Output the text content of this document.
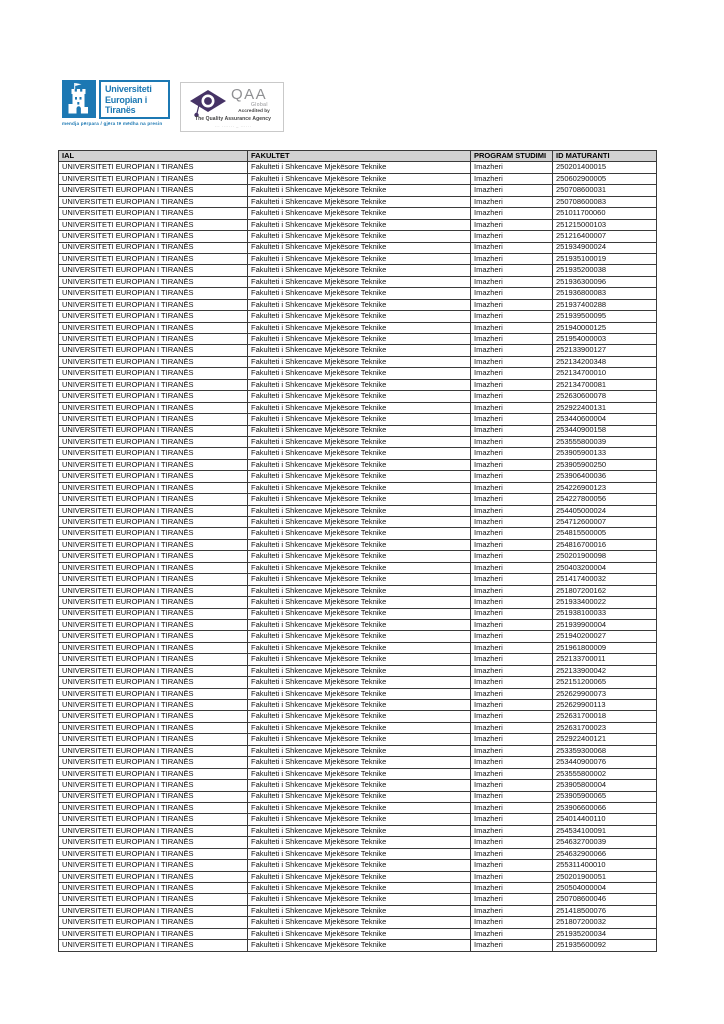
Universiteti
Europian i
Tiranës
mendja përpara / gjëra të mëdha na presin
QAA
Global
Accredited by
The Quality Assurance Agency
··· ······· – ······
IAL	FAKULTET	PROGRAM STUDIMI	ID MATURANTI
UNIVERSITETI EUROPIAN I TIRANËS	Fakulteti i Shkencave Mjekësore Teknike	Imazheri	250201400015
UNIVERSITETI EUROPIAN I TIRANËS	Fakulteti i Shkencave Mjekësore Teknike	Imazheri	250602900005
UNIVERSITETI EUROPIAN I TIRANËS	Fakulteti i Shkencave Mjekësore Teknike	Imazheri	250708600031
UNIVERSITETI EUROPIAN I TIRANËS	Fakulteti i Shkencave Mjekësore Teknike	Imazheri	250708600083
UNIVERSITETI EUROPIAN I TIRANËS	Fakulteti i Shkencave Mjekësore Teknike	Imazheri	251011700060
UNIVERSITETI EUROPIAN I TIRANËS	Fakulteti i Shkencave Mjekësore Teknike	Imazheri	251215000103
UNIVERSITETI EUROPIAN I TIRANËS	Fakulteti i Shkencave Mjekësore Teknike	Imazheri	251216400007
UNIVERSITETI EUROPIAN I TIRANËS	Fakulteti i Shkencave Mjekësore Teknike	Imazheri	251934900024
UNIVERSITETI EUROPIAN I TIRANËS	Fakulteti i Shkencave Mjekësore Teknike	Imazheri	251935100019
UNIVERSITETI EUROPIAN I TIRANËS	Fakulteti i Shkencave Mjekësore Teknike	Imazheri	251935200038
UNIVERSITETI EUROPIAN I TIRANËS	Fakulteti i Shkencave Mjekësore Teknike	Imazheri	251936300096
UNIVERSITETI EUROPIAN I TIRANËS	Fakulteti i Shkencave Mjekësore Teknike	Imazheri	251936800083
UNIVERSITETI EUROPIAN I TIRANËS	Fakulteti i Shkencave Mjekësore Teknike	Imazheri	251937400288
UNIVERSITETI EUROPIAN I TIRANËS	Fakulteti i Shkencave Mjekësore Teknike	Imazheri	251939500095
UNIVERSITETI EUROPIAN I TIRANËS	Fakulteti i Shkencave Mjekësore Teknike	Imazheri	251940000125
UNIVERSITETI EUROPIAN I TIRANËS	Fakulteti i Shkencave Mjekësore Teknike	Imazheri	251954000003
UNIVERSITETI EUROPIAN I TIRANËS	Fakulteti i Shkencave Mjekësore Teknike	Imazheri	252133900127
UNIVERSITETI EUROPIAN I TIRANËS	Fakulteti i Shkencave Mjekësore Teknike	Imazheri	252134200348
UNIVERSITETI EUROPIAN I TIRANËS	Fakulteti i Shkencave Mjekësore Teknike	Imazheri	252134700010
UNIVERSITETI EUROPIAN I TIRANËS	Fakulteti i Shkencave Mjekësore Teknike	Imazheri	252134700081
UNIVERSITETI EUROPIAN I TIRANËS	Fakulteti i Shkencave Mjekësore Teknike	Imazheri	252630600078
UNIVERSITETI EUROPIAN I TIRANËS	Fakulteti i Shkencave Mjekësore Teknike	Imazheri	252922400131
UNIVERSITETI EUROPIAN I TIRANËS	Fakulteti i Shkencave Mjekësore Teknike	Imazheri	253440600004
UNIVERSITETI EUROPIAN I TIRANËS	Fakulteti i Shkencave Mjekësore Teknike	Imazheri	253440900158
UNIVERSITETI EUROPIAN I TIRANËS	Fakulteti i Shkencave Mjekësore Teknike	Imazheri	253555800039
UNIVERSITETI EUROPIAN I TIRANËS	Fakulteti i Shkencave Mjekësore Teknike	Imazheri	253905900133
UNIVERSITETI EUROPIAN I TIRANËS	Fakulteti i Shkencave Mjekësore Teknike	Imazheri	253905900250
UNIVERSITETI EUROPIAN I TIRANËS	Fakulteti i Shkencave Mjekësore Teknike	Imazheri	253906400036
UNIVERSITETI EUROPIAN I TIRANËS	Fakulteti i Shkencave Mjekësore Teknike	Imazheri	254226900123
UNIVERSITETI EUROPIAN I TIRANËS	Fakulteti i Shkencave Mjekësore Teknike	Imazheri	254227800056
UNIVERSITETI EUROPIAN I TIRANËS	Fakulteti i Shkencave Mjekësore Teknike	Imazheri	254405000024
UNIVERSITETI EUROPIAN I TIRANËS	Fakulteti i Shkencave Mjekësore Teknike	Imazheri	254712600007
UNIVERSITETI EUROPIAN I TIRANËS	Fakulteti i Shkencave Mjekësore Teknike	Imazheri	254815500005
UNIVERSITETI EUROPIAN I TIRANËS	Fakulteti i Shkencave Mjekësore Teknike	Imazheri	254816700016
UNIVERSITETI EUROPIAN I TIRANËS	Fakulteti i Shkencave Mjekësore Teknike	Imazheri	250201900098
UNIVERSITETI EUROPIAN I TIRANËS	Fakulteti i Shkencave Mjekësore Teknike	Imazheri	250403200004
UNIVERSITETI EUROPIAN I TIRANËS	Fakulteti i Shkencave Mjekësore Teknike	Imazheri	251417400032
UNIVERSITETI EUROPIAN I TIRANËS	Fakulteti i Shkencave Mjekësore Teknike	Imazheri	251807200162
UNIVERSITETI EUROPIAN I TIRANËS	Fakulteti i Shkencave Mjekësore Teknike	Imazheri	251933400022
UNIVERSITETI EUROPIAN I TIRANËS	Fakulteti i Shkencave Mjekësore Teknike	Imazheri	251938100033
UNIVERSITETI EUROPIAN I TIRANËS	Fakulteti i Shkencave Mjekësore Teknike	Imazheri	251939900004
UNIVERSITETI EUROPIAN I TIRANËS	Fakulteti i Shkencave Mjekësore Teknike	Imazheri	251940200027
UNIVERSITETI EUROPIAN I TIRANËS	Fakulteti i Shkencave Mjekësore Teknike	Imazheri	251961800009
UNIVERSITETI EUROPIAN I TIRANËS	Fakulteti i Shkencave Mjekësore Teknike	Imazheri	252133700011
UNIVERSITETI EUROPIAN I TIRANËS	Fakulteti i Shkencave Mjekësore Teknike	Imazheri	252133900042
UNIVERSITETI EUROPIAN I TIRANËS	Fakulteti i Shkencave Mjekësore Teknike	Imazheri	252151200065
UNIVERSITETI EUROPIAN I TIRANËS	Fakulteti i Shkencave Mjekësore Teknike	Imazheri	252629900073
UNIVERSITETI EUROPIAN I TIRANËS	Fakulteti i Shkencave Mjekësore Teknike	Imazheri	252629900113
UNIVERSITETI EUROPIAN I TIRANËS	Fakulteti i Shkencave Mjekësore Teknike	Imazheri	252631700018
UNIVERSITETI EUROPIAN I TIRANËS	Fakulteti i Shkencave Mjekësore Teknike	Imazheri	252631700023
UNIVERSITETI EUROPIAN I TIRANËS	Fakulteti i Shkencave Mjekësore Teknike	Imazheri	252922400121
UNIVERSITETI EUROPIAN I TIRANËS	Fakulteti i Shkencave Mjekësore Teknike	Imazheri	253359300068
UNIVERSITETI EUROPIAN I TIRANËS	Fakulteti i Shkencave Mjekësore Teknike	Imazheri	253440900076
UNIVERSITETI EUROPIAN I TIRANËS	Fakulteti i Shkencave Mjekësore Teknike	Imazheri	253555800002
UNIVERSITETI EUROPIAN I TIRANËS	Fakulteti i Shkencave Mjekësore Teknike	Imazheri	253905800004
UNIVERSITETI EUROPIAN I TIRANËS	Fakulteti i Shkencave Mjekësore Teknike	Imazheri	253905900065
UNIVERSITETI EUROPIAN I TIRANËS	Fakulteti i Shkencave Mjekësore Teknike	Imazheri	253906600066
UNIVERSITETI EUROPIAN I TIRANËS	Fakulteti i Shkencave Mjekësore Teknike	Imazheri	254014400110
UNIVERSITETI EUROPIAN I TIRANËS	Fakulteti i Shkencave Mjekësore Teknike	Imazheri	254534100091
UNIVERSITETI EUROPIAN I TIRANËS	Fakulteti i Shkencave Mjekësore Teknike	Imazheri	254632700039
UNIVERSITETI EUROPIAN I TIRANËS	Fakulteti i Shkencave Mjekësore Teknike	Imazheri	254632900066
UNIVERSITETI EUROPIAN I TIRANËS	Fakulteti i Shkencave Mjekësore Teknike	Imazheri	255311400010
UNIVERSITETI EUROPIAN I TIRANËS	Fakulteti i Shkencave Mjekësore Teknike	Imazheri	250201900051
UNIVERSITETI EUROPIAN I TIRANËS	Fakulteti i Shkencave Mjekësore Teknike	Imazheri	250504000004
UNIVERSITETI EUROPIAN I TIRANËS	Fakulteti i Shkencave Mjekësore Teknike	Imazheri	250708600046
UNIVERSITETI EUROPIAN I TIRANËS	Fakulteti i Shkencave Mjekësore Teknike	Imazheri	251418500076
UNIVERSITETI EUROPIAN I TIRANËS	Fakulteti i Shkencave Mjekësore Teknike	Imazheri	251807200032
UNIVERSITETI EUROPIAN I TIRANËS	Fakulteti i Shkencave Mjekësore Teknike	Imazheri	251935200034
UNIVERSITETI EUROPIAN I TIRANËS	Fakulteti i Shkencave Mjekësore Teknike	Imazheri	251935600092
